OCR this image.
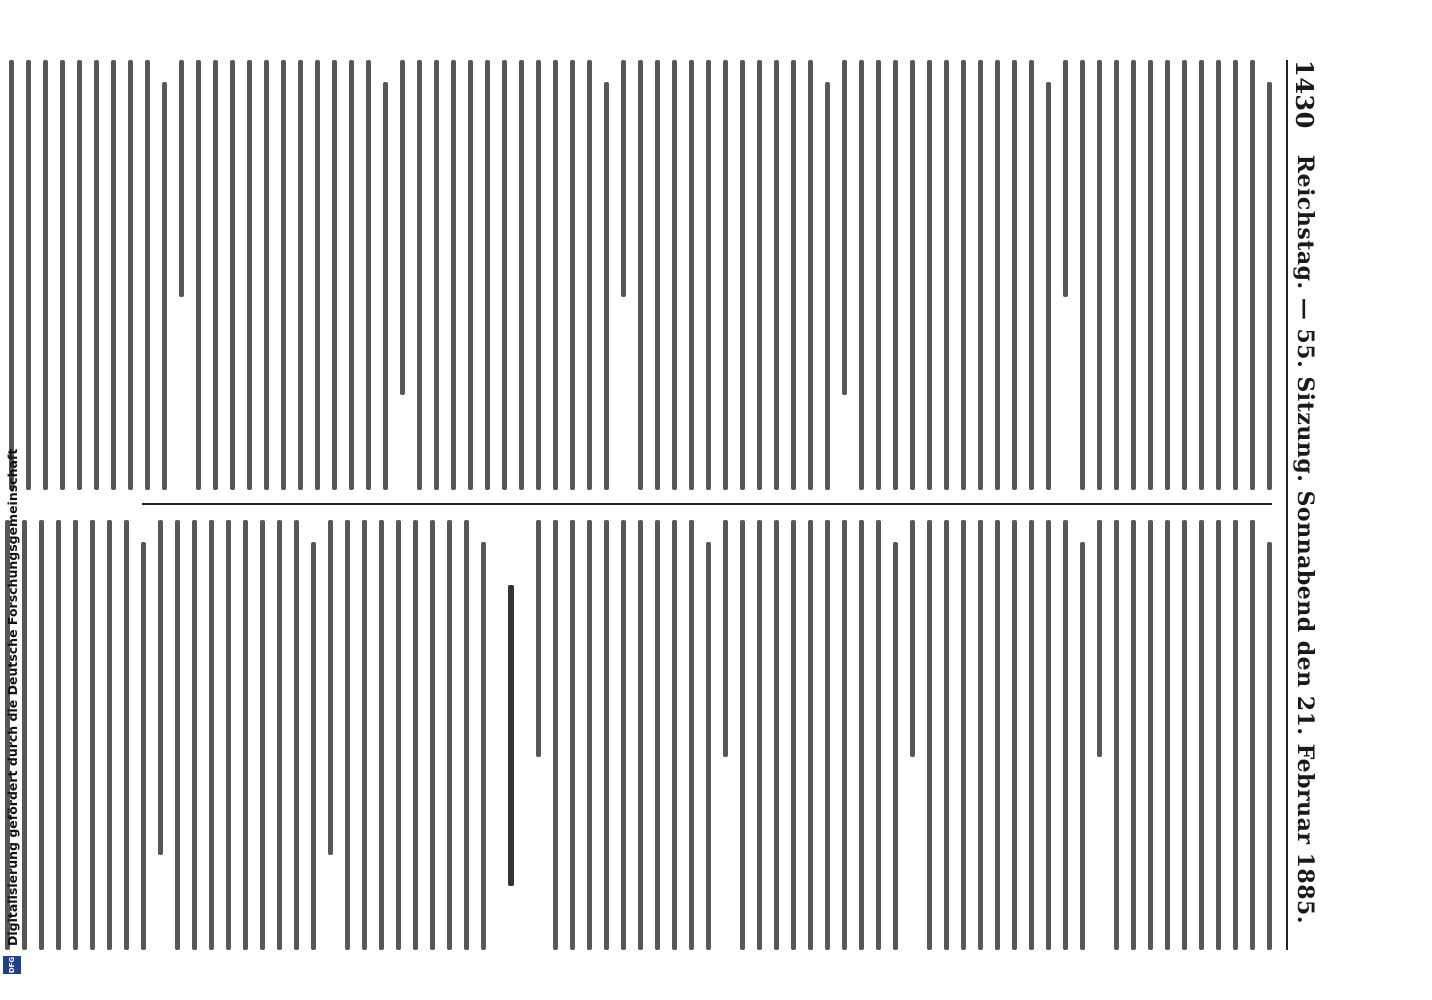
1430
Reichstag. — 55. Sitzung. Sonnabend den 21. Februar 1885.
DFG
Digitalisierung gefördert durch die Deutsche Forschungsgemeinschaft
